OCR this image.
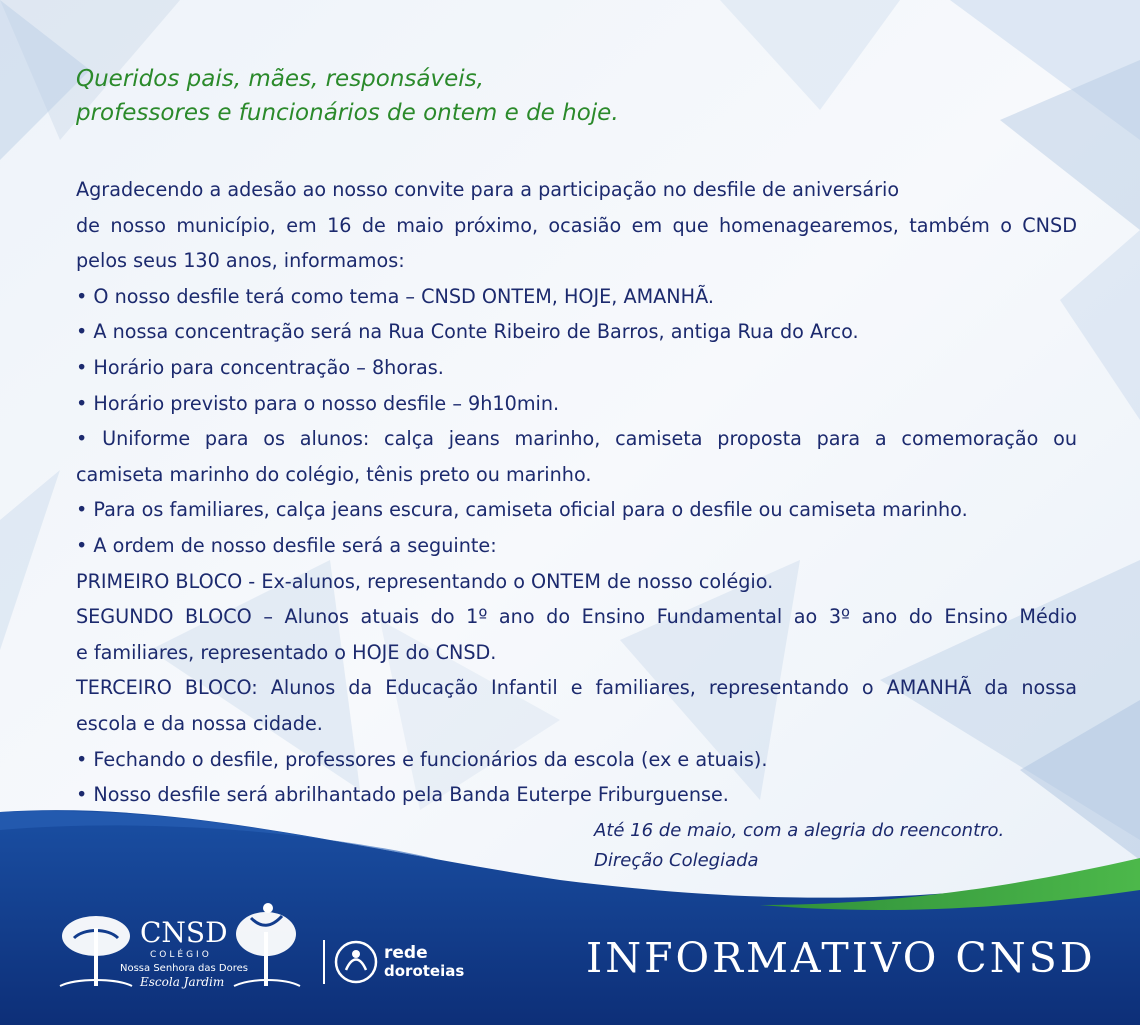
Queridos pais, mães, responsáveis,
professores e funcionários de ontem e de hoje.
Agradecendo a adesão ao nosso convite para a participação no desfile de aniversário
de nosso município, em 16 de maio próximo, ocasião em que homenagearemos, também o CNSD
pelos seus 130 anos, informamos:
• O nosso desfile terá como tema – CNSD ONTEM, HOJE, AMANHÃ.
• A nossa concentração será na Rua Conte Ribeiro de Barros, antiga Rua do Arco.
• Horário para concentração – 8horas.
• Horário previsto para o nosso desfile – 9h10min.
• Uniforme para os alunos: calça jeans marinho, camiseta proposta para a comemoração ou
camiseta marinho do colégio, tênis preto ou marinho.
• Para os familiares, calça jeans escura, camiseta oficial para o desfile ou camiseta marinho.
• A ordem de nosso desfile será a seguinte:
PRIMEIRO BLOCO - Ex-alunos, representando o ONTEM de nosso colégio.
SEGUNDO BLOCO – Alunos atuais do 1º ano do Ensino Fundamental ao 3º ano do Ensino Médio
e familiares, representado o HOJE do CNSD.
TERCEIRO BLOCO: Alunos da Educação Infantil e familiares, representando o AMANHÃ da nossa
escola e da nossa cidade.
• Fechando o desfile, professores e funcionários da escola (ex e atuais).
• Nosso desfile será abrilhantado pela Banda Euterpe Friburguense.
Até 16 de maio, com a alegria do reencontro.
Direção Colegiada
CNSD
COLÉGIO
Nossa Senhora das Dores
Escola Jardim
rede
doroteias	INFORMATIVO CNSD
